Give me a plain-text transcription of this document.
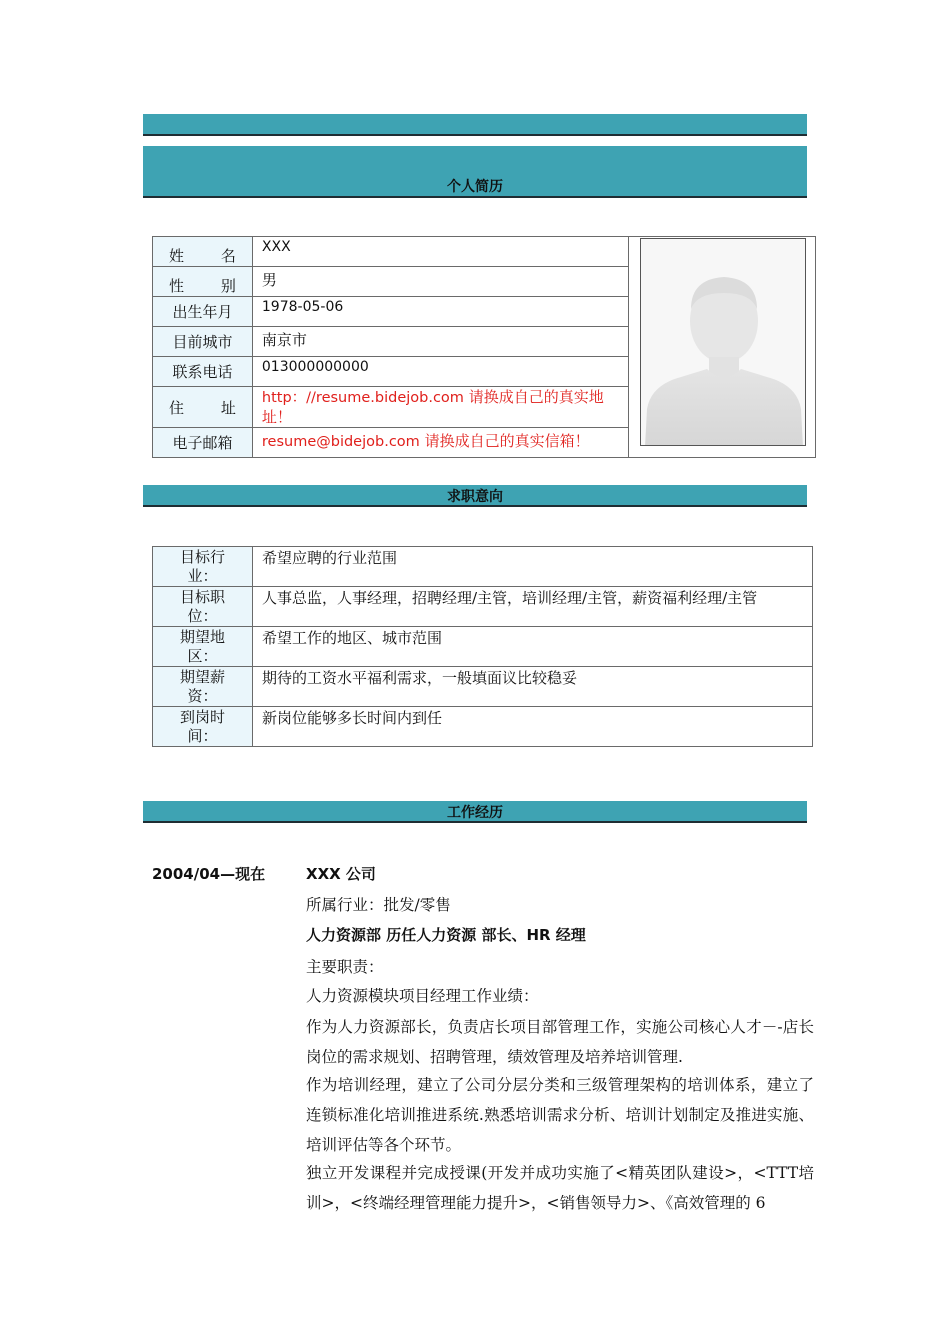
个人简历
姓 名	XXX	

性 别	男	
出生年月	1978-05-06	
目前城市	南京市	
联系电话	013000000000	

住 址	http：//resume.bidejob.com 请换成自己的真实地址！	
电子邮箱	resume@bidejob.com 请换成自己的真实信箱！	
求职意向
目标行业：	希望应聘的行业范围
目标职位：	人事总监，人事经理，招聘经理/主管，培训经理/主管，薪资福利经理/主管
期望地区：	希望工作的地区、城市范围
期望薪资：	期待的工资水平福利需求，一般填面议比较稳妥
到岗时间：	新岗位能够多长时间内到任
工作经历
2004/04—现在	XXX 公司
所属行业：批发/零售
人力资源部 历任人力资源 部长、HR 经理
主要职责：
人力资源模块项目经理工作业绩：
作为人力资源部长，负责店长项目部管理工作，实施公司核心人才－-店长岗位的需求规划、招聘管理，绩效管理及培养培训管理.
作为培训经理，建立了公司分层分类和三级管理架构的培训体系，建立了连锁标准化培训推进系统.熟悉培训需求分析、培训计划制定及推进实施、培训评估等各个环节。
独立开发课程并完成授课(开发并成功实施了<精英团队建设>，<TTT培训>，<终端经理管理能力提升>，<销售领导力>、《高效管理的 6
